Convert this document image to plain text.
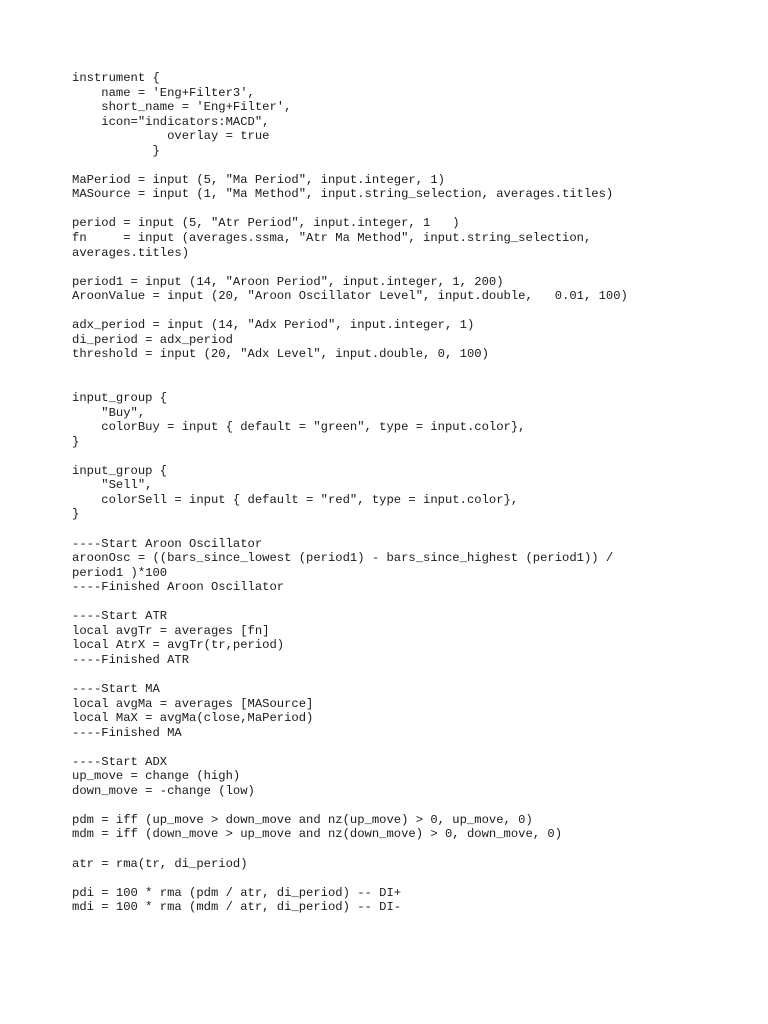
instrument {
name = 'Eng+Filter3',
short_name = 'Eng+Filter',
icon="indicators:MACD",
overlay = true
}
MaPeriod = input (5, "Ma Period", input.integer, 1)
MASource = input (1, "Ma Method", input.string_selection, averages.titles)
period = input (5, "Atr Period", input.integer, 1   )
fn     = input (averages.ssma, "Atr Ma Method", input.string_selection,
averages.titles)
period1 = input (14, "Aroon Period", input.integer, 1, 200)
AroonValue = input (20, "Aroon Oscillator Level", input.double,   0.01, 100)
adx_period = input (14, "Adx Period", input.integer, 1)
di_period = adx_period
threshold = input (20, "Adx Level", input.double, 0, 100)
input_group {
"Buy",
colorBuy = input { default = "green", type = input.color},
}
input_group {
"Sell",
colorSell = input { default = "red", type = input.color},
}
----Start Aroon Oscillator
aroonOsc = ((bars_since_lowest (period1) - bars_since_highest (period1)) /
period1 )*100
----Finished Aroon Oscillator
----Start ATR
local avgTr = averages [fn]
local AtrX = avgTr(tr,period)
----Finished ATR
----Start MA
local avgMa = averages [MASource]
local MaX = avgMa(close,MaPeriod)
----Finished MA
----Start ADX
up_move = change (high)
down_move = -change (low)
pdm = iff (up_move > down_move and nz(up_move) > 0, up_move, 0)
mdm = iff (down_move > up_move and nz(down_move) > 0, down_move, 0)
atr = rma(tr, di_period)
pdi = 100 * rma (pdm / atr, di_period) -- DI+
mdi = 100 * rma (mdm / atr, di_period) -- DI-
